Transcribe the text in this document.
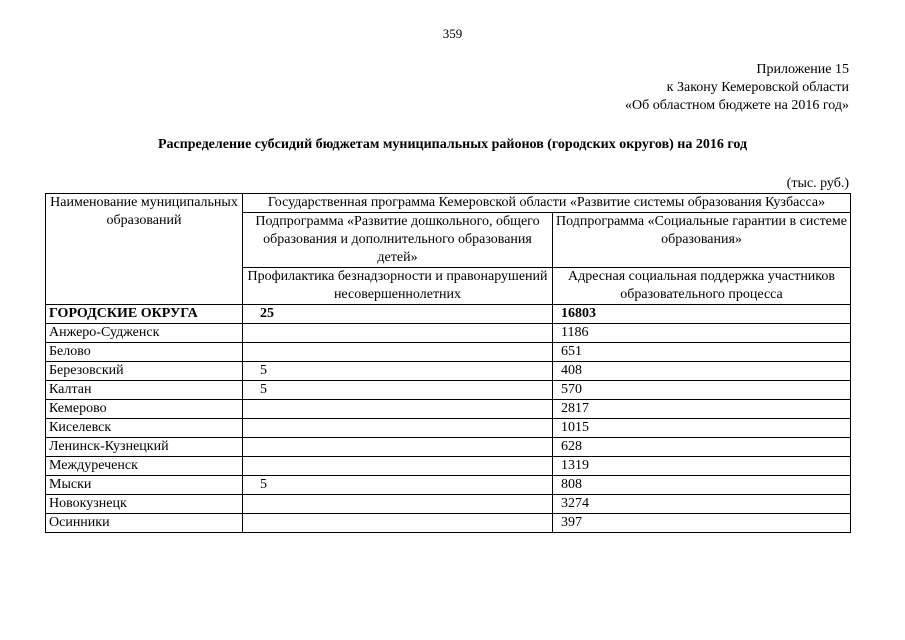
359
Приложение 15
к Закону Кемеровской области
«Об областном бюджете на 2016 год»
Распределение субсидий бюджетам муниципальных районов (городских округов) на 2016 год
(тыс. руб.)
Наименование муниципальных образований	Государственная программа Кемеровской области «Развитие системы образования Кузбасса»	
	Подпрограмма «Развитие дошкольного, общего образования и дополнительного образования детей»	Подпрограмма «Социальные гарантии в системе образования»
	Профилактика безнадзорности и правонарушений несовершеннолетних	Адресная социальная поддержка участников образовательного процесса
ГОРОДСКИЕ ОКРУГА	25	16803
Анжеро-Судженск		1186
Белово		651
Березовский	5	408
Калтан	5	570
Кемерово		2817
Киселевск		1015
Ленинск-Кузнецкий		628
Междуреченск		1319
Мыски	5	808
Новокузнецк		3274
Осинники		397
